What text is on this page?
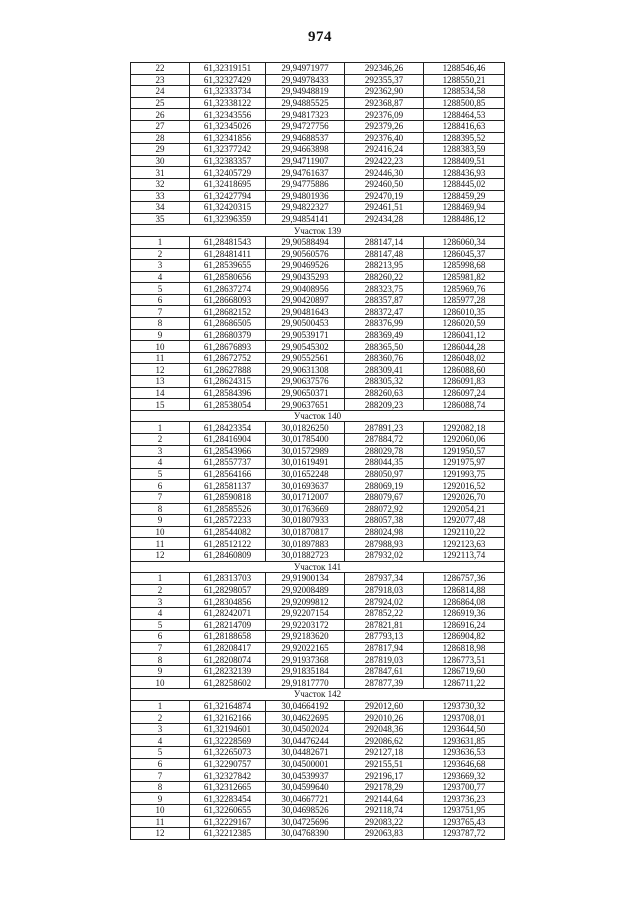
974
22	61,32319151	29,94971977	292346,26	1288546,46
23	61,32327429	29,94978433	292355,37	1288550,21
24	61,32333734	29,94948819	292362,90	1288534,58
25	61,32338122	29,94885525	292368,87	1288500,85
26	61,32343556	29,94817323	292376,09	1288464,53
27	61,32345026	29,94727756	292379,26	1288416,63
28	61,32341856	29,94688537	292376,40	1288395,52
29	61,32377242	29,94663898	292416,24	1288383,59
30	61,32383357	29,94711907	292422,23	1288409,51
31	61,32405729	29,94761637	292446,30	1288436,93
32	61,32418695	29,94775886	292460,50	1288445,02
33	61,32427794	29,94801936	292470,19	1288459,29
34	61,32420315	29,94822327	292461,51	1288469,94
35	61,32396359	29,94854141	292434,28	1288486,12
Участок 139				
1	61,28481543	29,90588494	288147,14	1286060,34
2	61,28481411	29,90560576	288147,48	1286045,37
3	61,28539655	29,90469526	288213,95	1285998,68
4	61,28580656	29,90435293	288260,22	1285981,82
5	61,28637274	29,90408956	288323,75	1285969,76
6	61,28668093	29,90420897	288357,87	1285977,28
7	61,28682152	29,90481643	288372,47	1286010,35
8	61,28686505	29,90500453	288376,99	1286020,59
9	61,28680379	29,90539171	288369,49	1286041,12
10	61,28676893	29,90545302	288365,50	1286044,28
11	61,28672752	29,90552561	288360,76	1286048,02
12	61,28627888	29,90631308	288309,41	1286088,60
13	61,28624315	29,90637576	288305,32	1286091,83
14	61,28584396	29,90650371	288260,63	1286097,24
15	61,28538054	29,90637651	288209,23	1286088,74
Участок 140				
1	61,28423354	30,01826250	287891,23	1292082,18
2	61,28416904	30,01785400	287884,72	1292060,06
3	61,28543966	30,01572989	288029,78	1291950,57
4	61,28557737	30,01619491	288044,35	1291975,97
5	61,28564166	30,01652248	288050,97	1291993,75
6	61,28581137	30,01693637	288069,19	1292016,52
7	61,28590818	30,01712007	288079,67	1292026,70
8	61,28585526	30,01763669	288072,92	1292054,21
9	61,28572233	30,01807933	288057,38	1292077,48
10	61,28544082	30,01870817	288024,98	1292110,22
11	61,28512122	30,01897883	287988,93	1292123,63
12	61,28460809	30,01882723	287932,02	1292113,74
Участок 141				
1	61,28313703	29,91900134	287937,34	1286757,36
2	61,28298057	29,92008489	287918,03	1286814,88
3	61,28304856	29,92099812	287924,02	1286864,08
4	61,28242071	29,92207154	287852,22	1286919,36
5	61,28214709	29,92203172	287821,81	1286916,24
6	61,28188658	29,92183620	287793,13	1286904,82
7	61,28208417	29,92022165	287817,94	1286818,98
8	61,28208074	29,91937368	287819,03	1286773,51
9	61,28232139	29,91835184	287847,61	1286719,60
10	61,28258602	29,91817770	287877,39	1286711,22
Участок 142				
1	61,32164874	30,04664192	292012,60	1293730,32
2	61,32162166	30,04622695	292010,26	1293708,01
3	61,32194601	30,04502024	292048,36	1293644,50
4	61,32228569	30,04476244	292086,62	1293631,85
5	61,32265073	30,04482671	292127,18	1293636,53
6	61,32290757	30,04500001	292155,51	1293646,68
7	61,32327842	30,04539937	292196,17	1293669,32
8	61,32312665	30,04599640	292178,29	1293700,77
9	61,32283454	30,04667721	292144,64	1293736,23
10	61,32260655	30,04698526	292118,74	1293751,95
11	61,32229167	30,04725696	292083,22	1293765,43
12	61,32212385	30,04768390	292063,83	1293787,72
